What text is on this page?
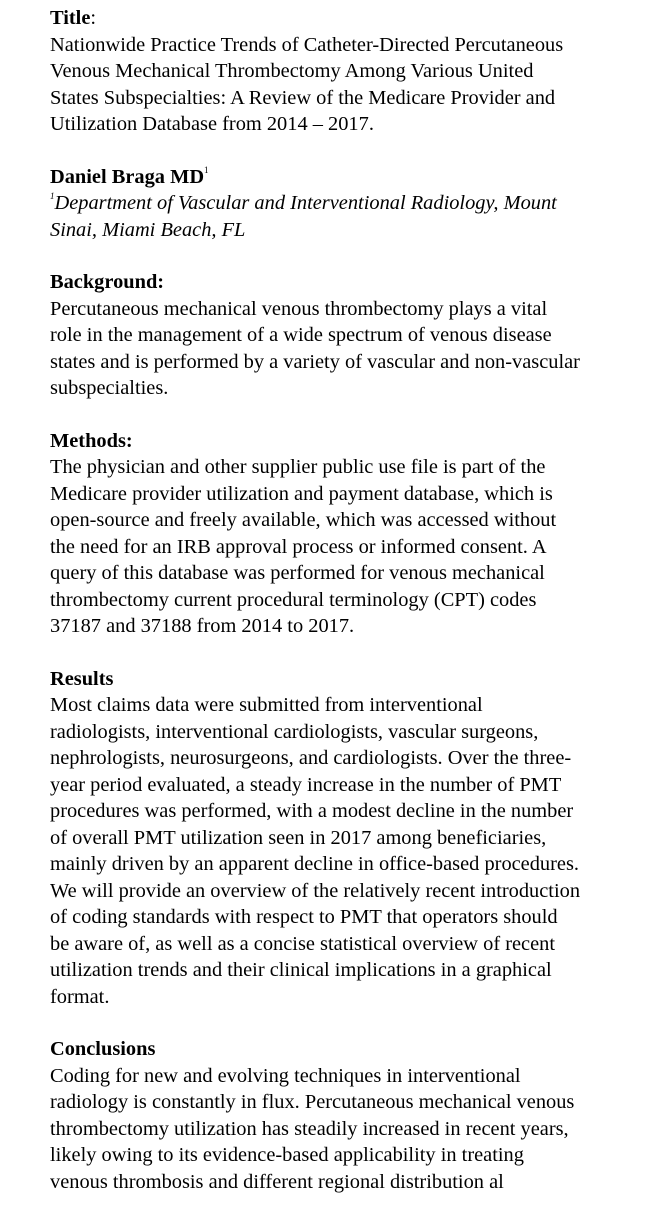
Title:
Nationwide Practice Trends of Catheter-Directed Percutaneous
Venous Mechanical Thrombectomy Among Various United
States Subspecialties: A Review of the Medicare Provider and
Utilization Database from 2014 – 2017.
Daniel Braga $MD^1$
$^1$Department of Vascular and Interventional Radiology, Mount
Sinai, Miami Beach, FL
Background:
Percutaneous mechanical venous thrombectomy plays a vital
role in the management of a wide spectrum of venous disease
states and is performed by a variety of vascular and non-vascular
subspecialties.
Methods:
The physician and other supplier public use file is part of the
Medicare provider utilization and payment database, which is
open-source and freely available, which was accessed without
the need for an IRB approval process or informed consent. A
query of this database was performed for venous mechanical
thrombectomy current procedural terminology (CPT) codes
37187 and 37188 from 2014 to 2017.
Results
Most claims data were submitted from interventional
radiologists, interventional cardiologists, vascular surgeons,
nephrologists, neurosurgeons, and cardiologists. Over the three-
year period evaluated, a steady increase in the number of PMT
procedures was performed, with a modest decline in the number
of overall PMT utilization seen in 2017 among beneficiaries,
mainly driven by an apparent decline in office-based procedures.
We will provide an overview of the relatively recent introduction
of coding standards with respect to PMT that operators should
be aware of, as well as a concise statistical overview of recent
utilization trends and their clinical implications in a graphical
format.
Conclusions
Coding for new and evolving techniques in interventional
radiology is constantly in flux. Percutaneous mechanical venous
thrombectomy utilization has steadily increased in recent years,
likely owing to its evidence-based applicability in treating
venous thrombosis and different regional distribution al
